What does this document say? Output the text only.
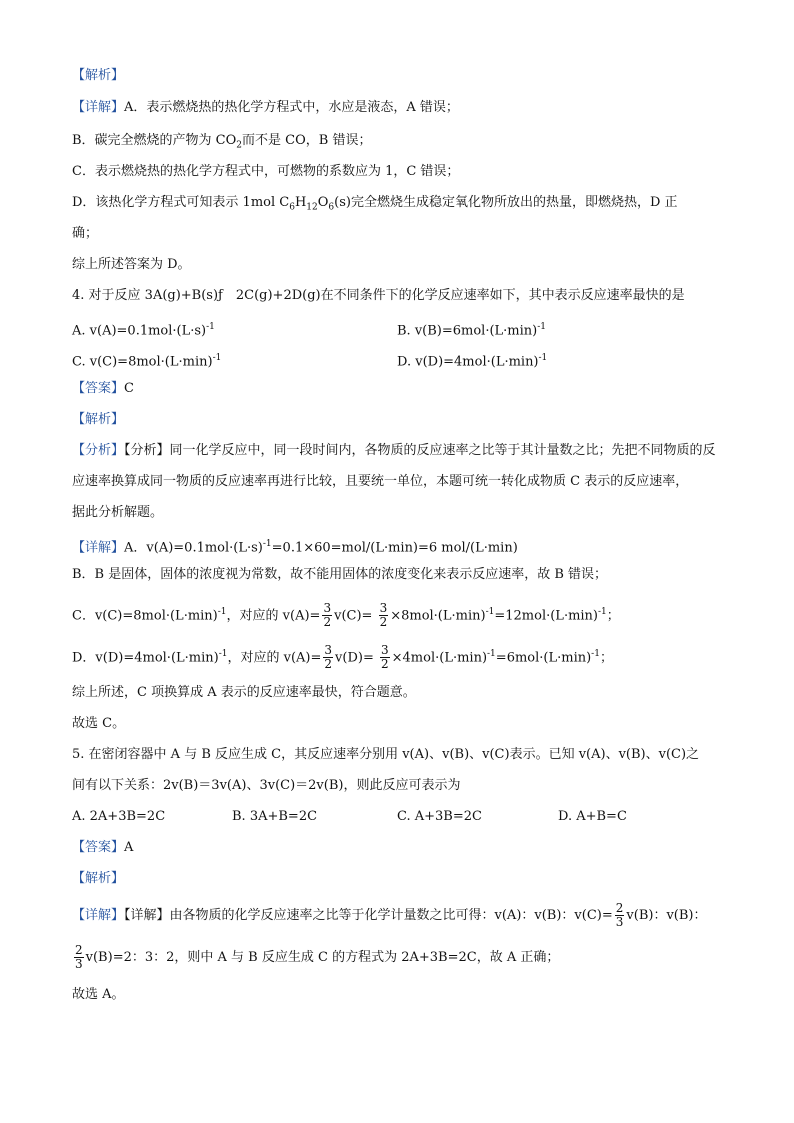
【解析】
【详解】A．表示燃烧热的热化学方程式中，水应是液态，A 错误；
B．碳完全燃烧的产物为 $CO_2$而不是 CO，B 错误；
C．表示燃烧热的热化学方程式中，可燃物的系数应为 1，C 错误；
D．该热化学方程式可知表示 1mol $C_6H_{12}O_6(s)$完全燃烧生成稳定氧化物所放出的热量，即燃烧热，D 正
确；
综上所述答案为 D。
4. 对于反应 3A(g)+B(s)ƒ　2C(g)+2D(g)在不同条件下的化学反应速率如下，其中表示反应速率最快的是
A. $v(A)=0.1mol\cdot(L\cdot s)^{-1}$	B. $v(B)=6mol\cdot(L\cdot\min)^{-1}$
C. $v(C)=8mol\cdot(L\cdot\min)^{-1}$	D. $v(D)=4mol\cdot(L\cdot\min)^{-1}$
【答案】C
【解析】
【分析】【分析】同一化学反应中，同一段时间内，各物质的反应速率之比等于其计量数之比；先把不同物质的反
应速率换算成同一物质的反应速率再进行比较，且要统一单位，本题可统一转化成物质 C 表示的反应速率，
据此分析解题。
【详解】A．$v(A)=0.1mol\cdot(L\cdot s)^{-1}=0.1\times 60=mol/(L\cdot\min)=6$ mol/(L·min)
B．B 是固体，固体的浓度视为常数，故不能用固体的浓度变化来表示反应速率，故 B 错误；
C．$v(C)=8mol\cdot(L\cdot\min)^{-1}$，对应的 $v(A)= \frac{3}{2} v(C)= \frac{3}{2} \times 8mol\cdot(L\cdot\min)^{-1}=12mol\cdot(L\cdot\min)^{-1}$；
D．$v(D)=4mol\cdot(L\cdot\min)^{-1}$，对应的 $v(A)= \frac{3}{2} v(D)= \frac{3}{2} \times 4mol\cdot(L\cdot\min)^{-1}=6mol\cdot(L\cdot\min)^{-1}$；
综上所述，C 项换算成 A 表示的反应速率最快，符合题意。
故选 C。
5. 在密闭容器中 A 与 B 反应生成 C，其反应速率分别用 v(A)、v(B)、v(C)表示。已知 v(A)、v(B)、v(C)之
间有以下关系：2v(B)＝3v(A)、3v(C)＝2v(B)，则此反应可表示为
A. 2A+3B=2C	B. 3A+B=2C	C. A+3B=2C	D. A+B=C
【答案】A
【解析】
【详解】【详解】由各物质的化学反应速率之比等于化学计量数之比可得：v(A)：v(B)：$v(C)= \frac{2}{3} v(B)$：v(B)：
$\frac{2}{3} v(B)=2$：3：2，则中 A 与 B 反应生成 C 的方程式为 2A+3B=2C，故 A 正确；
故选 A。
